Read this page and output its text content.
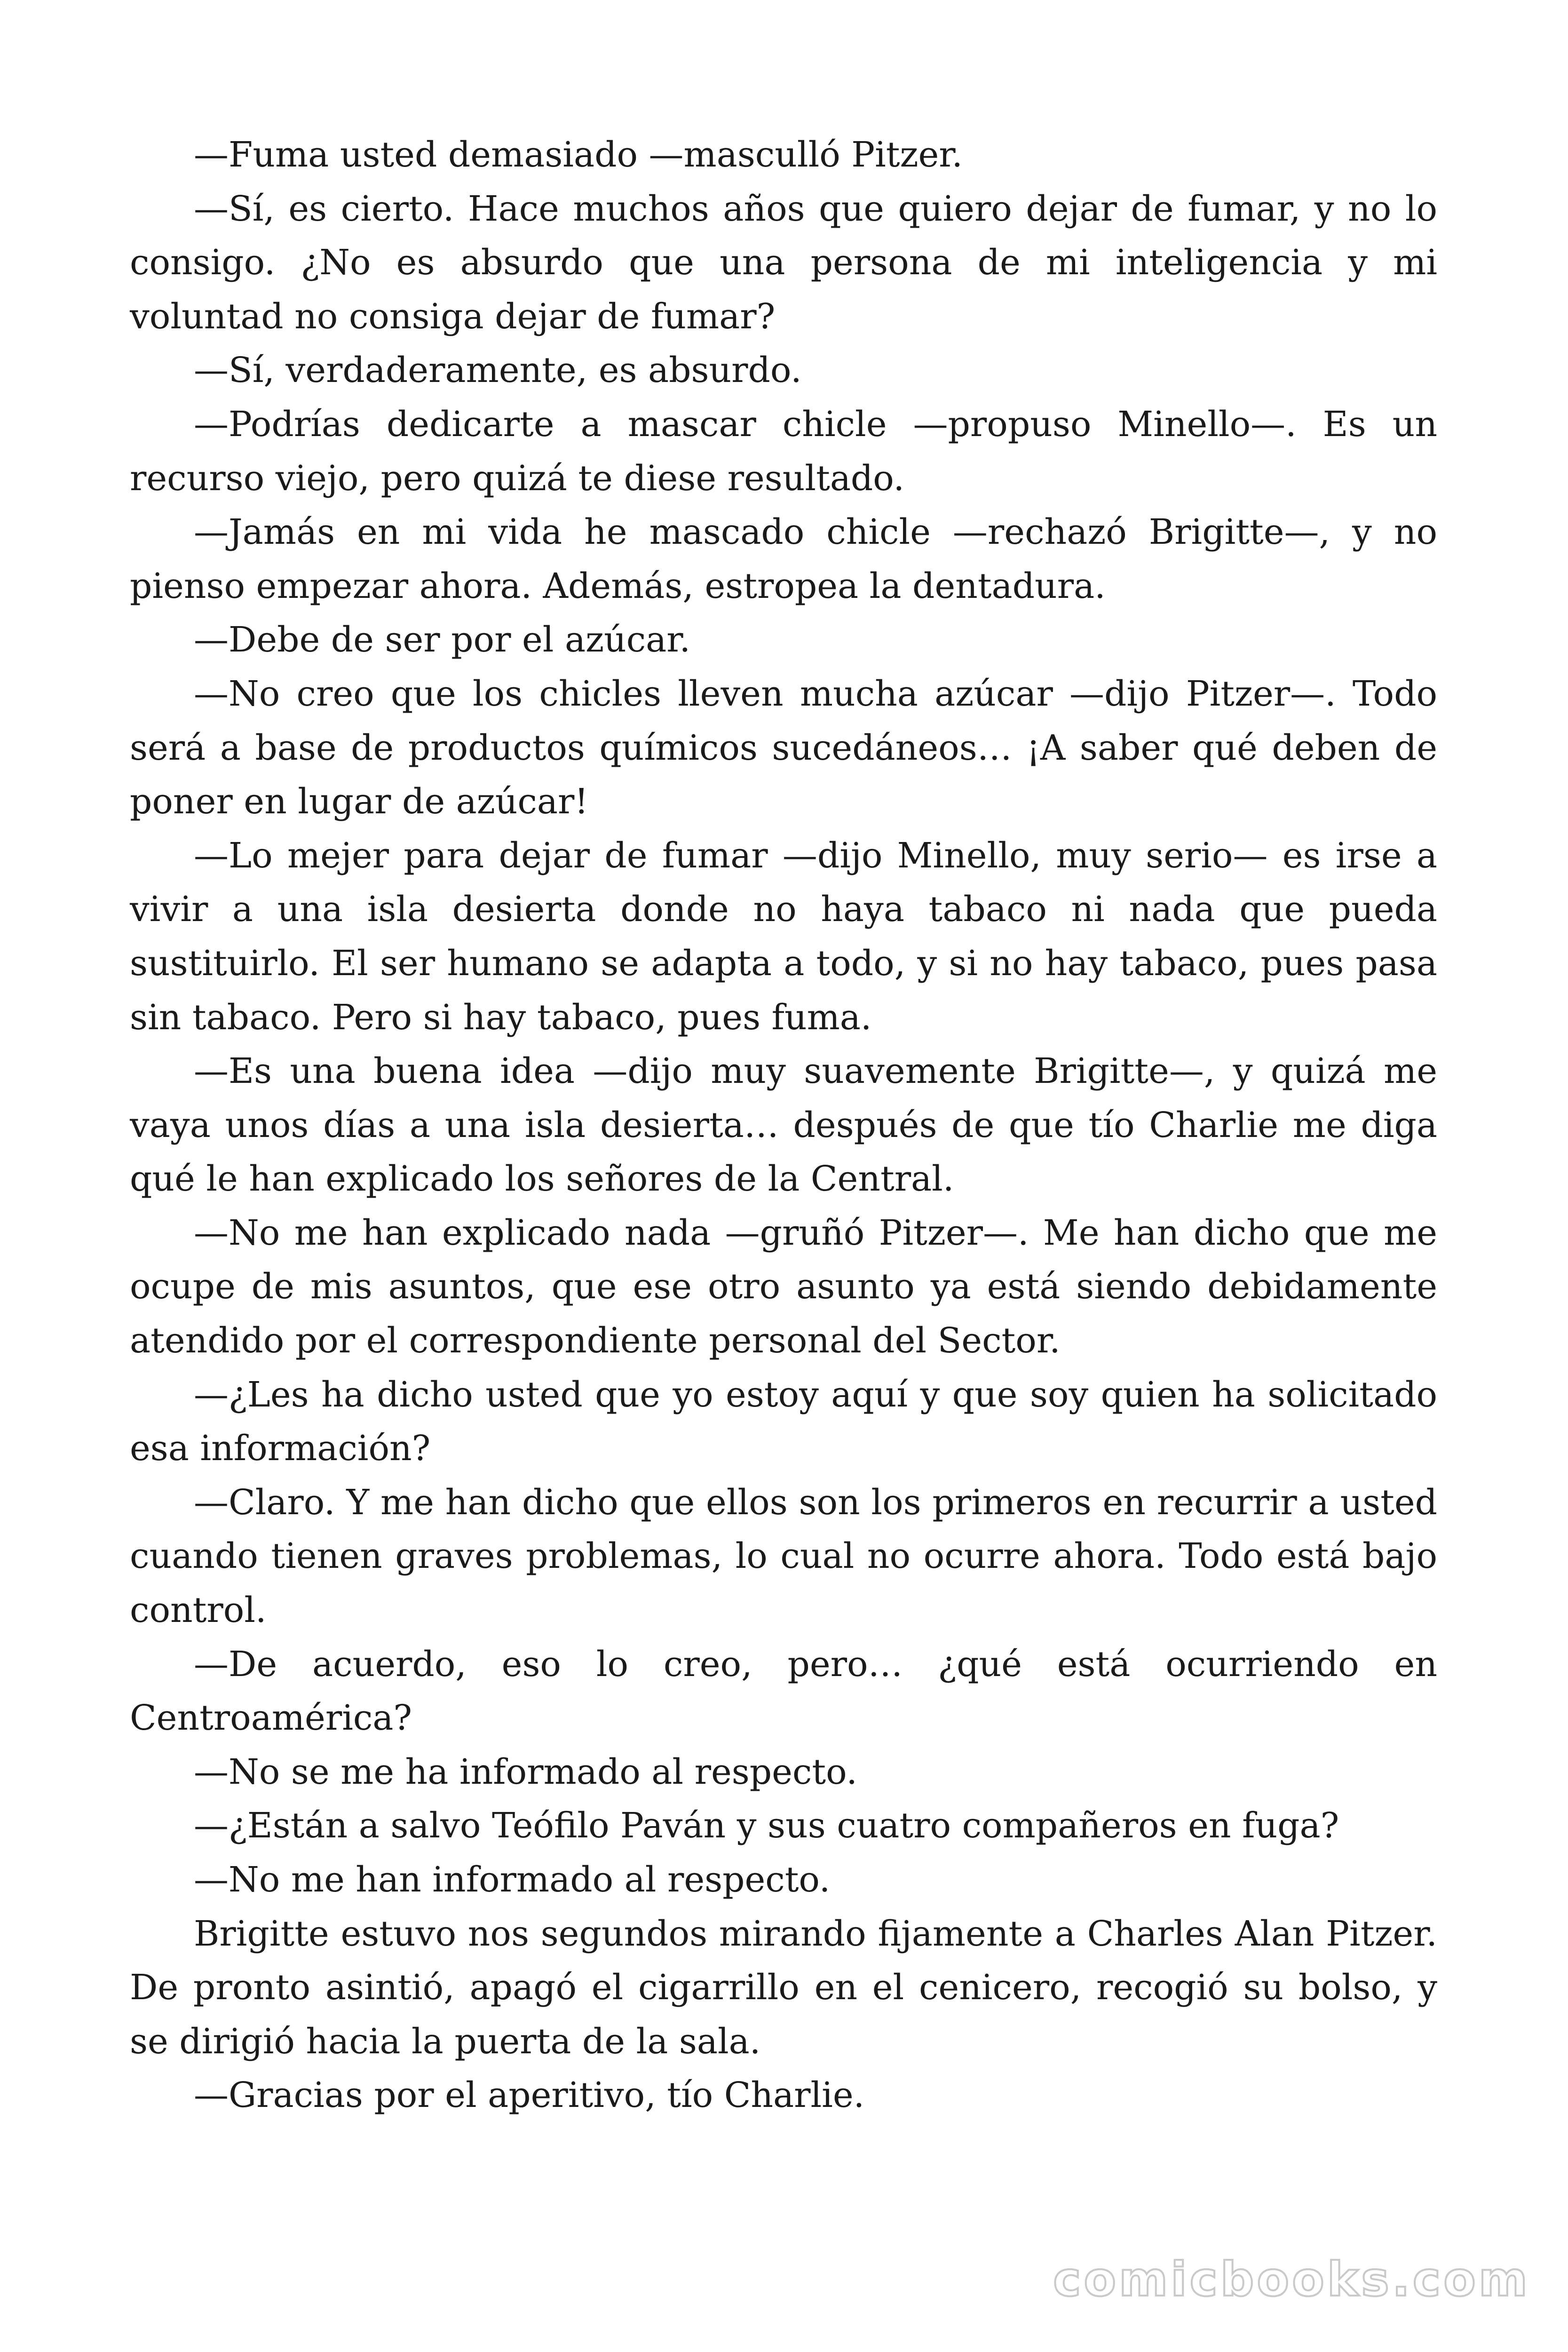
—Fuma usted demasiado —masculló Pitzer.

—Sí, es cierto. Hace muchos años que quiero dejar de fumar, y no lo consigo. ¿No es absurdo que una persona de mi inteligencia y mi voluntad no consiga dejar de fumar?

—Sí, verdaderamente, es absurdo.

—Podrías dedicarte a mascar chicle —propuso Minello—. Es un recurso viejo, pero quizá te diese resultado.

—Jamás en mi vida he mascado chicle —rechazó Brigitte—, y no pienso empezar ahora. Además, estropea la dentadura.

—Debe de ser por el azúcar.

—No creo que los chicles lleven mucha azúcar —dijo Pitzer—. Todo será a base de productos químicos sucedáneos… ¡A saber qué deben de poner en lugar de azúcar!

—Lo mejer para dejar de fumar —dijo Minello, muy serio— es irse a vivir a una isla desierta donde no haya tabaco ni nada que pueda sustituirlo. El ser humano se adapta a todo, y si no hay tabaco, pues pasa sin tabaco. Pero si hay tabaco, pues fuma.

—Es una buena idea —dijo muy suavemente Brigitte—, y quizá me vaya unos días a una isla desierta… después de que tío Charlie me diga qué le han explicado los señores de la Central.

—No me han explicado nada —gruñó Pitzer—. Me han dicho que me ocupe de mis asuntos, que ese otro asunto ya está siendo debidamente atendido por el correspondiente personal del Sector.

—¿Les ha dicho usted que yo estoy aquí y que soy quien ha solicitado esa información?

—Claro. Y me han dicho que ellos son los primeros en recurrir a usted cuando tienen graves problemas, lo cual no ocurre ahora. Todo está bajo control.

—De acuerdo, eso lo creo, pero… ¿qué está ocurriendo en Centroamérica?

—No se me ha informado al respecto.

—¿Están a salvo Teófilo Paván y sus cuatro compañeros en fuga?

—No me han informado al respecto.

Brigitte estuvo nos segundos mirando fijamente a Charles Alan Pitzer. De pronto asintió, apagó el cigarrillo en el cenicero, recogió su bolso, y se dirigió hacia la puerta de la sala.

—Gracias por el aperitivo, tío Charlie.

comicbooks.com
